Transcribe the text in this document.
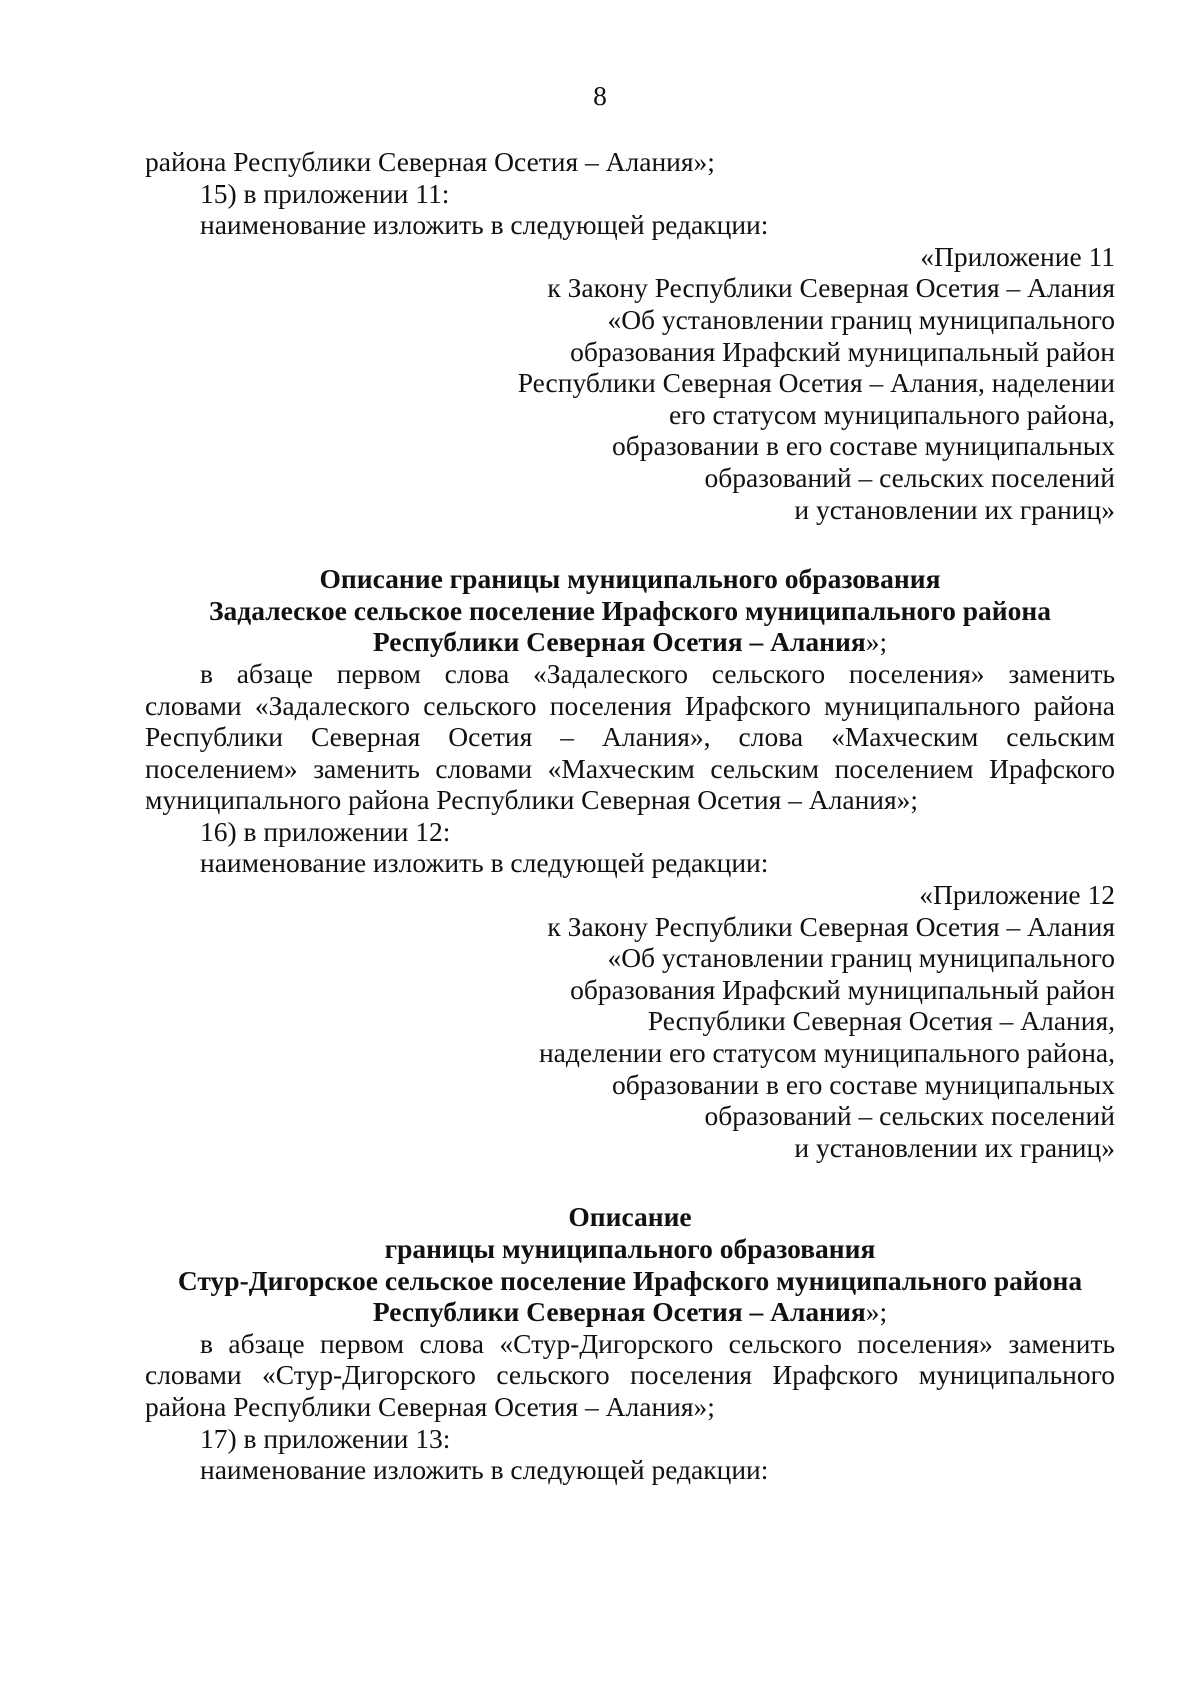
8
района Республики Северная Осетия – Алания»;
15) в приложении 11:
наименование изложить в следующей редакции:
«Приложение 11
к Закону Республики Северная Осетия – Алания
«Об установлении границ муниципального
образования Ирафский муниципальный район
Республики Северная Осетия – Алания, наделении
его статусом муниципального района,
образовании в его составе муниципальных
образований – сельских поселений
и установлении их границ»
Описание границы муниципального образования
Задалеское сельское поселение Ирафского муниципального района
Республики Северная Осетия – Алания»;
в абзаце первом слова «Задалеского сельского поселения» заменить
словами «Задалеского сельского поселения Ирафского муниципального района
Республики Северная Осетия – Алания», слова «Махческим сельским
поселением» заменить словами «Махческим сельским поселением Ирафского
муниципального района Республики Северная Осетия – Алания»;
16) в приложении 12:
наименование изложить в следующей редакции:
«Приложение 12
к Закону Республики Северная Осетия – Алания
«Об установлении границ муниципального
образования Ирафский муниципальный район
Республики Северная Осетия – Алания,
наделении его статусом муниципального района,
образовании в его составе муниципальных
образований – сельских поселений
и установлении их границ»
Описание
границы муниципального образования
Стур-Дигорское сельское поселение Ирафского муниципального района
Республики Северная Осетия – Алания»;
в абзаце первом слова «Стур-Дигорского сельского поселения» заменить
словами «Стур-Дигорского сельского поселения Ирафского муниципального
района Республики Северная Осетия – Алания»;
17) в приложении 13:
наименование изложить в следующей редакции:
